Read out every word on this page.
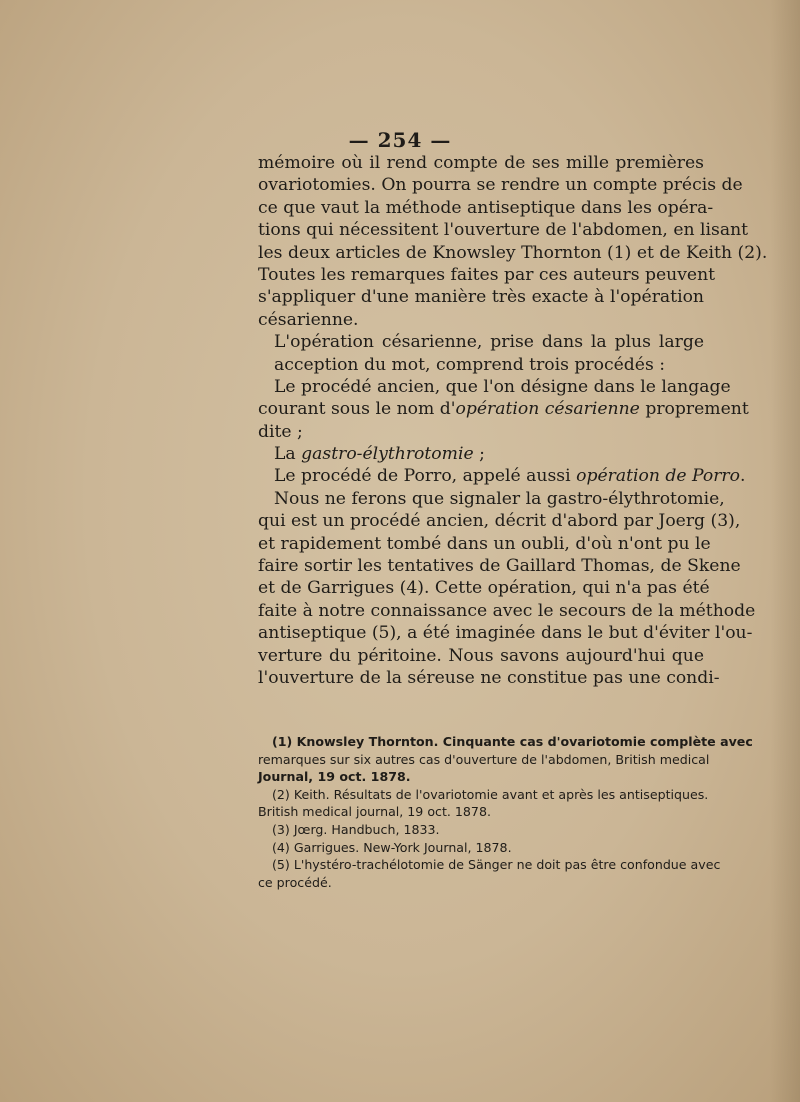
— 254 —
mémoire où il rend compte de ses mille premières
ovariotomies. On pourra se rendre un compte précis de
ce que vaut la méthode antiseptique dans les opéra-
tions qui nécessitent l'ouverture de l'abdomen, en lisant
les deux articles de Knowsley Thornton (1) et de Keith (2).
Toutes les remarques faites par ces auteurs peuvent
s'appliquer d'une manière très exacte à l'opération
césarienne.
L'opération césarienne, prise dans la plus large
acception du mot, comprend trois procédés :
Le procédé ancien, que l'on désigne dans le langage
courant sous le nom d'opération césarienne proprement
dite ;
La gastro-élythrotomie ;
Le procédé de Porro, appelé aussi opération de Porro.
Nous ne ferons que signaler la gastro-élythrotomie,
qui est un procédé ancien, décrit d'abord par Joerg (3),
et rapidement tombé dans un oubli, d'où n'ont pu le
faire sortir les tentatives de Gaillard Thomas, de Skene
et de Garrigues (4). Cette opération, qui n'a pas été
faite à notre connaissance avec le secours de la méthode
antiseptique (5), a été imaginée dans le but d'éviter l'ou-
verture du péritoine. Nous savons aujourd'hui que
l'ouverture de la séreuse ne constitue pas une condi-
(1) Knowsley Thornton. Cinquante cas d'ovariotomie complète avec
remarques sur six autres cas d'ouverture de l'abdomen, British medical
Journal, 19 oct. 1878.
(2) Keith. Résultats de l'ovariotomie avant et après les antiseptiques.
British medical journal, 19 oct. 1878.
(3) Jœrg. Handbuch, 1833.
(4) Garrigues. New-York Journal, 1878.
(5) L'hystéro-trachélotomie de Sänger ne doit pas être confondue avec
ce procédé.
